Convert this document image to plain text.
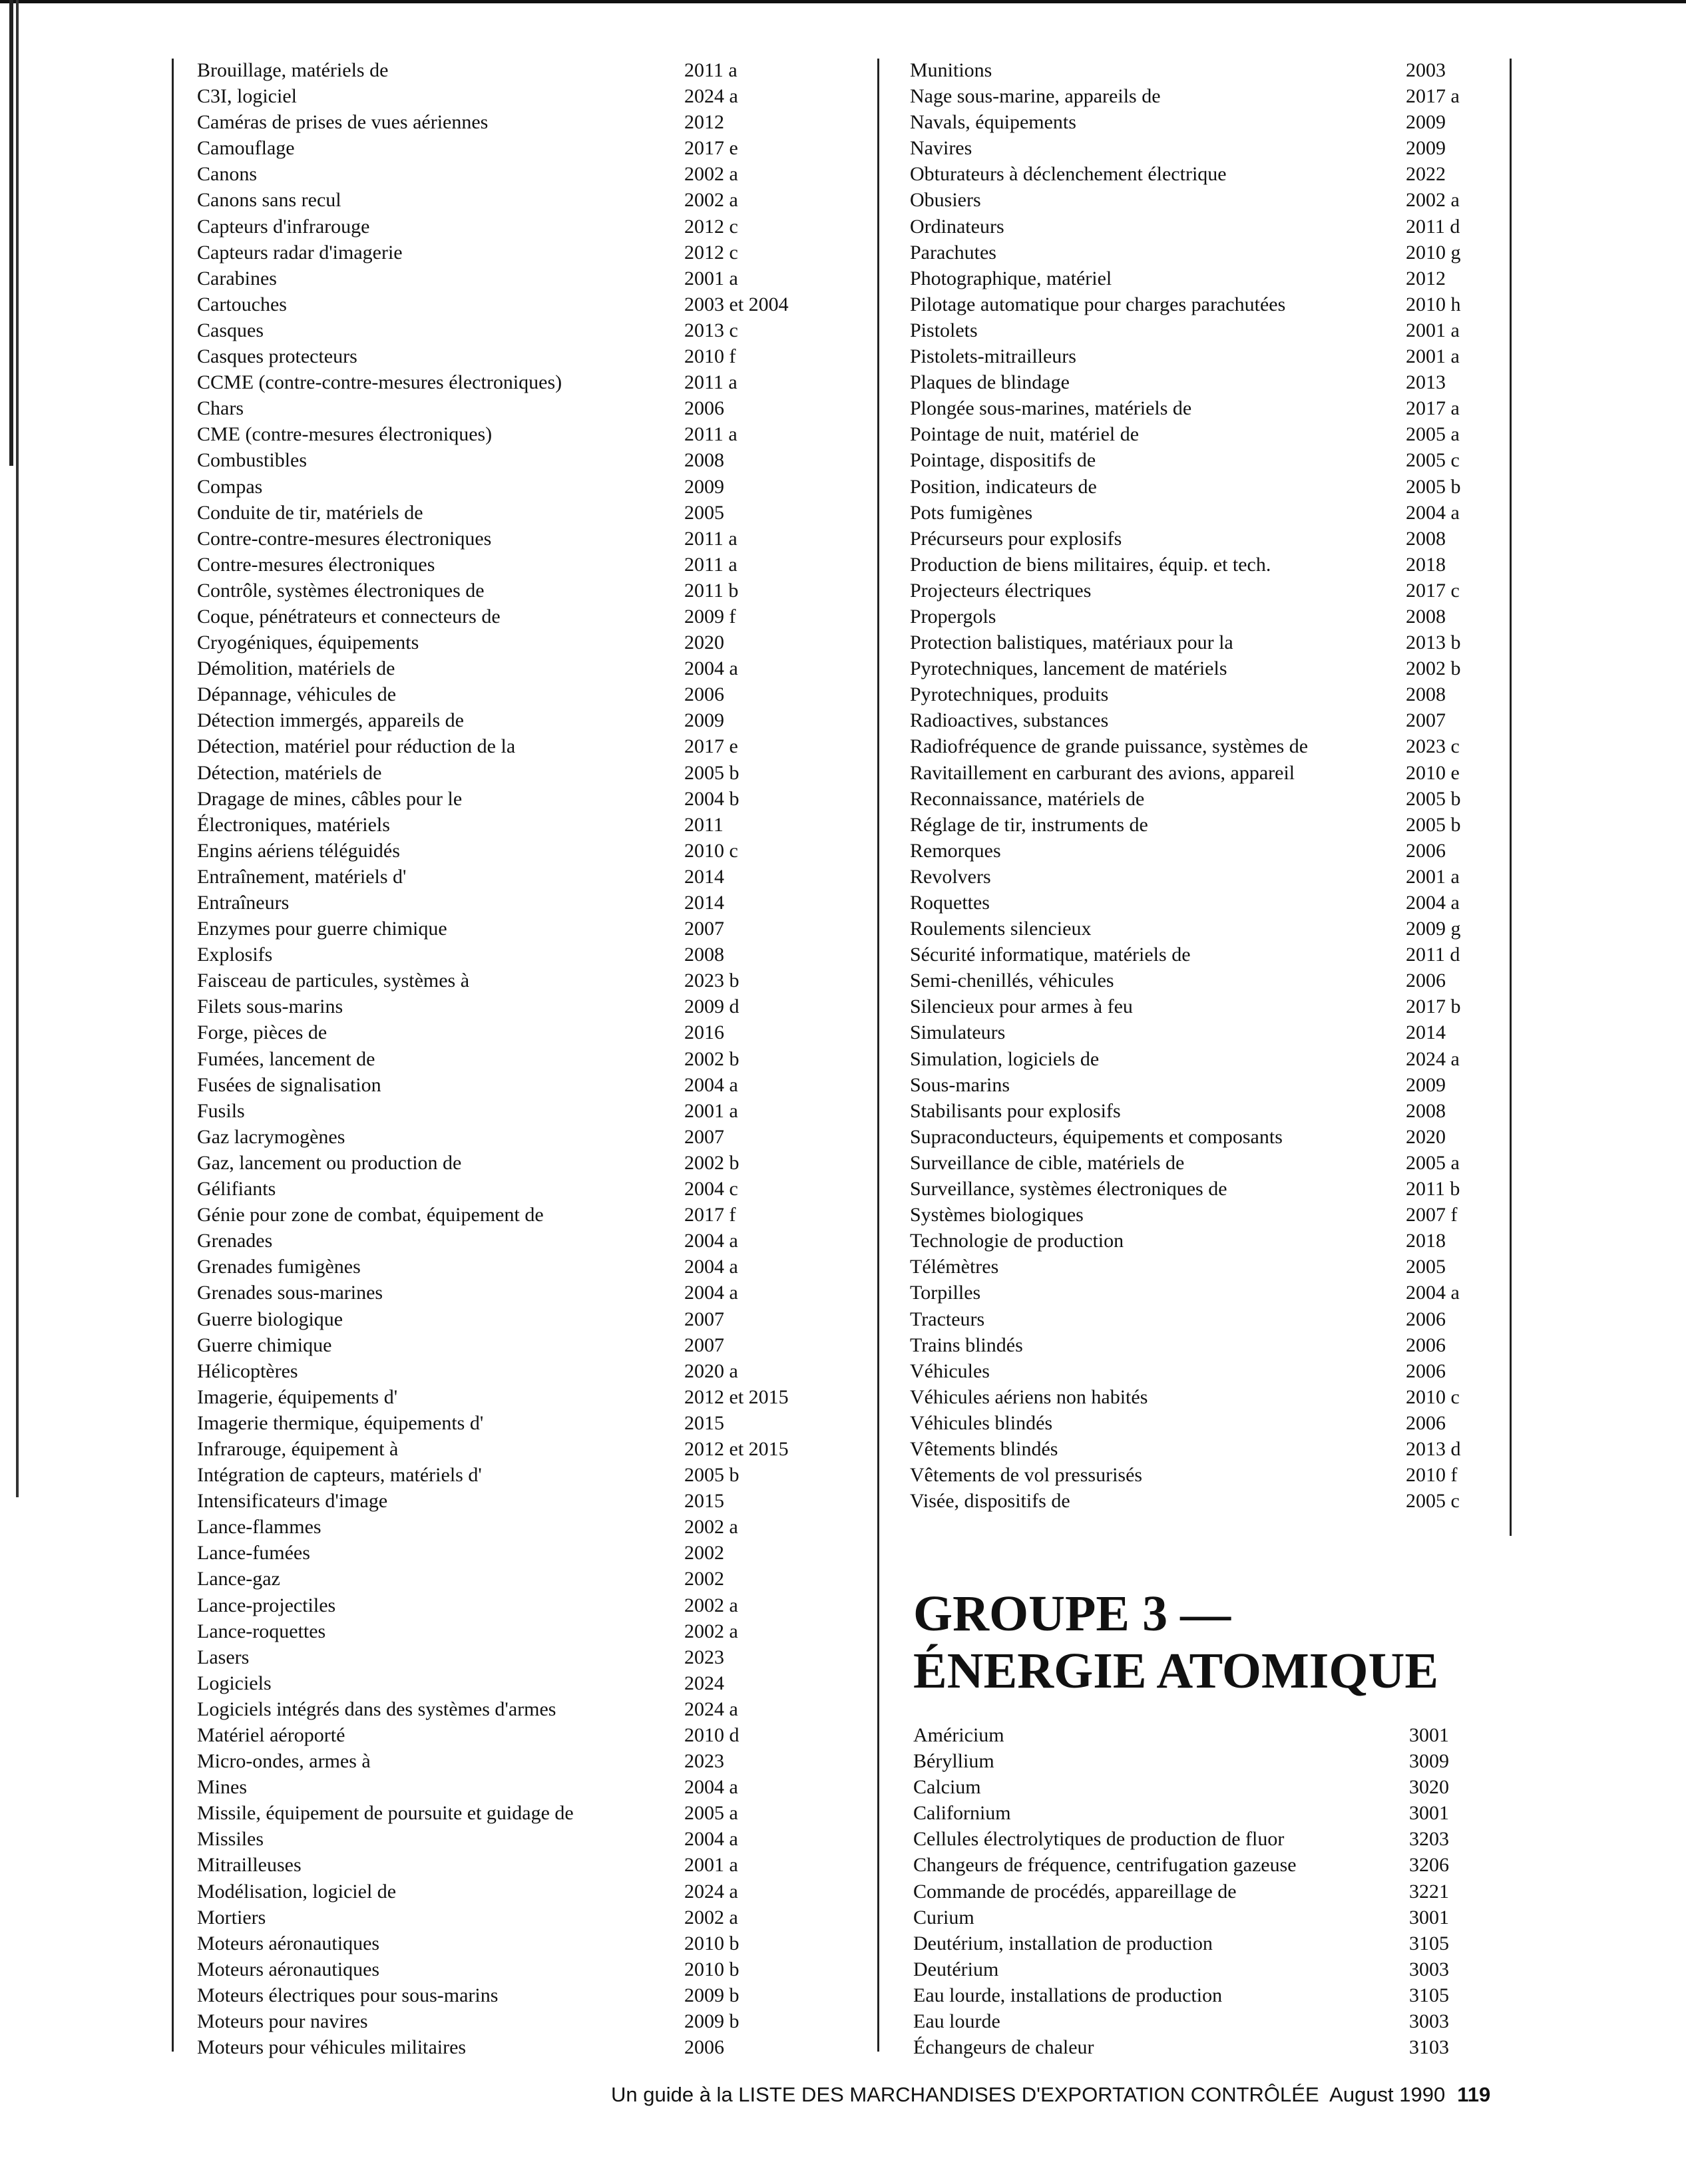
Brouillage, matériels de	2011 a
C3I, logiciel	2024 a
Caméras de prises de vues aériennes	2012
Camouflage	2017 e
Canons	2002 a
Canons sans recul	2002 a
Capteurs d'infrarouge	2012 c
Capteurs radar d'imagerie	2012 c
Carabines	2001 a
Cartouches	2003 et 2004
Casques	2013 c
Casques protecteurs	2010 f
CCME (contre-contre-mesures électroniques)	2011 a
Chars	2006
CME (contre-mesures électroniques)	2011 a
Combustibles	2008
Compas	2009
Conduite de tir, matériels de	2005
Contre-contre-mesures électroniques	2011 a
Contre-mesures électroniques	2011 a
Contrôle, systèmes électroniques de	2011 b
Coque, pénétrateurs et connecteurs de	2009 f
Cryogéniques, équipements	2020
Démolition, matériels de	2004 a
Dépannage, véhicules de	2006
Détection immergés, appareils de	2009
Détection, matériel pour réduction de la	2017 e
Détection, matériels de	2005 b
Dragage de mines, câbles pour le	2004 b
Électroniques, matériels	2011
Engins aériens téléguidés	2010 c
Entraînement, matériels d'	2014
Entraîneurs	2014
Enzymes pour guerre chimique	2007
Explosifs	2008
Faisceau de particules, systèmes à	2023 b
Filets sous-marins	2009 d
Forge, pièces de	2016
Fumées, lancement de	2002 b
Fusées de signalisation	2004 a
Fusils	2001 a
Gaz lacrymogènes	2007
Gaz, lancement ou production de	2002 b
Gélifiants	2004 c
Génie pour zone de combat, équipement de	2017 f
Grenades	2004 a
Grenades fumigènes	2004 a
Grenades sous-marines	2004 a
Guerre biologique	2007
Guerre chimique	2007
Hélicoptères	2020 a
Imagerie, équipements d'	2012 et 2015
Imagerie thermique, équipements d'	2015
Infrarouge, équipement à	2012 et 2015
Intégration de capteurs, matériels d'	2005 b
Intensificateurs d'image	2015
Lance-flammes	2002 a
Lance-fumées	2002
Lance-gaz	2002
Lance-projectiles	2002 a
Lance-roquettes	2002 a
Lasers	2023
Logiciels	2024
Logiciels intégrés dans des systèmes d'armes	2024 a
Matériel aéroporté	2010 d
Micro-ondes, armes à	2023
Mines	2004 a
Missile, équipement de poursuite et guidage de	2005 a
Missiles	2004 a
Mitrailleuses	2001 a
Modélisation, logiciel de	2024 a
Mortiers	2002 a
Moteurs aéronautiques	2010 b
Moteurs aéronautiques	2010 b
Moteurs électriques pour sous-marins	2009 b
Moteurs pour navires	2009 b
Moteurs pour véhicules militaires	2006
Munitions	2003
Nage sous-marine, appareils de	2017 a
Navals, équipements	2009
Navires	2009
Obturateurs à déclenchement électrique	2022
Obusiers	2002 a
Ordinateurs	2011 d
Parachutes	2010 g
Photographique, matériel	2012
Pilotage automatique pour charges parachutées	2010 h
Pistolets	2001 a
Pistolets-mitrailleurs	2001 a
Plaques de blindage	2013
Plongée sous-marines, matériels de	2017 a
Pointage de nuit, matériel de	2005 a
Pointage, dispositifs de	2005 c
Position, indicateurs de	2005 b
Pots fumigènes	2004 a
Précurseurs pour explosifs	2008
Production de biens militaires, équip. et tech.	2018
Projecteurs électriques	2017 c
Propergols	2008
Protection balistiques, matériaux pour la	2013 b
Pyrotechniques, lancement de matériels	2002 b
Pyrotechniques, produits	2008
Radioactives, substances	2007
Radiofréquence de grande puissance, systèmes de	2023 c
Ravitaillement en carburant des avions, appareil	2010 e
Reconnaissance, matériels de	2005 b
Réglage de tir, instruments de	2005 b
Remorques	2006
Revolvers	2001 a
Roquettes	2004 a
Roulements silencieux	2009 g
Sécurité informatique, matériels de	2011 d
Semi-chenillés, véhicules	2006
Silencieux pour armes à feu	2017 b
Simulateurs	2014
Simulation, logiciels de	2024 a
Sous-marins	2009
Stabilisants pour explosifs	2008
Supraconducteurs, équipements et composants	2020
Surveillance de cible, matériels de	2005 a
Surveillance, systèmes électroniques de	2011 b
Systèmes biologiques	2007 f
Technologie de production	2018
Télémètres	2005
Torpilles	2004 a
Tracteurs	2006
Trains blindés	2006
Véhicules	2006
Véhicules aériens non habités	2010 c
Véhicules blindés	2006
Vêtements blindés	2013 d
Vêtements de vol pressurisés	2010 f
Visée, dispositifs de	2005 c
GROUPE 3 —
ÉNERGIE ATOMIQUE
Américium	3001
Béryllium	3009
Calcium	3020
Californium	3001
Cellules électrolytiques de production de fluor	3203
Changeurs de fréquence, centrifugation gazeuse	3206
Commande de procédés, appareillage de	3221
Curium	3001
Deutérium, installation de production	3105
Deutérium	3003
Eau lourde, installations de production	3105
Eau lourde	3003
Échangeurs de chaleur	3103
Un guide à la LISTE DES MARCHANDISES D'EXPORTATION CONTRÔLÉE  August 1990 119
